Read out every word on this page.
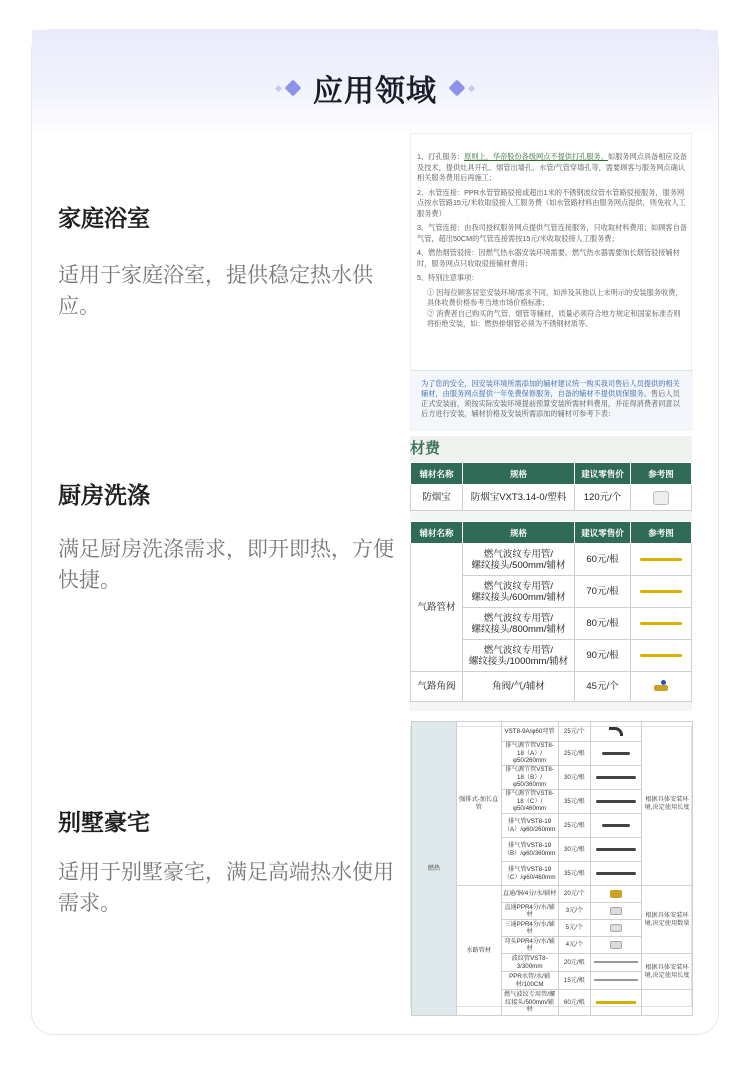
应用领域
家庭浴室
适用于家庭浴室，提供稳定热水供应。
厨房洗涤
满足厨房洗涤需求，即开即热，方便快捷。
别墅豪宅
适用于别墅豪宅，满足高端热水使用需求。
1、打孔服务：原则上，华帝股份各级网点不提供打孔服务。如服务网点具备相应设备及技术，提供灶具开孔、烟管出墙孔、水管/气管穿墙孔等，需要顾客与服务网点确认相关服务费用后再施工；
2、水管连接：PPR水管管路驳接或超出1米的不锈钢波纹管水管路驳接服务，服务网点按水管路15元/米收取驳接人工服务费（如水管路材料由服务网点提供，则免收人工服务费）
3、气管连接：由我司授权服务网点提供气管连接服务，只收取材料费用；如顾客自备气管，超出50CM的气管连接需按15元/米收取驳接人工服务费；
4、燃热烟管驳接：因燃气热水器安装环境需要，燃气热水器需要加长烟管驳接辅材时，服务网点只收取驳接辅材费用；
5、特别注意事项：
① 因每位顾客居室安装环境/需求不同，如涉及其他以上未明示的安装服务收费，具体收费价格参考当地市场价格标准；
② 消费者自己购买的气管、烟管等辅材，质量必须符合地方规定和国家标准否则将拒绝安装，如：燃热排烟管必须为不锈钢材质等。
为了您的安全，因安装环境所需添加的辅材建议统一购买我司售后人员提供的相关辅材，由服务网点提供一年免费保修服务，自备的辅材不提供质保服务。售后人员正式安装前，须按实际安装环境提前预算安装所需材料费用，并征得消费者同意以后方进行安装，辅材价格及安装所需添加的辅材可参考下表：
材费
辅材名称	规格	建议零售价	参考图
防烟宝	防烟宝VXT3.14-0/塑料	120元/个	
辅材名称	规格	建议零售价	参考图
气路管材	燃气波纹专用管/
螺纹接头/500mm/辅材	60元/根	
	燃气波纹专用管/
螺纹接头/600mm/辅材	70元/根	
	燃气波纹专用管/
螺纹接头/800mm/辅材	80元/根	
	燃气波纹专用管/
螺纹接头/1000mm/辅材	90元/根	
气路角阀	角阀/气/辅材	45元/个	
燃热	强排式-加长直管	VST8-9A/φ60弯管	25元/个		根据具体安装环境,决定使用长度
		排气调节管VST8-18（A）/φ50/260mm	25元/根		
		排气调节管VST8-18（B）/φ50/360mm	30元/根		
		排气调节管VST8-18（C）/φ50/460mm	35元/根		
		排气管VST8-19（A）/φ60/260mm	25元/根		
		排气管VST8-19（B）/φ60/360mm	30元/根		
		排气管VST8-19（C）/φ60/460mm	35元/根		
	水路管材	直通/铜/4分/水/辅材	20元/个		根据具体安装环境,决定使用数量
		直通PPR4分/水/辅材	3元/个		
		三通PPR4分/水/辅材	5元/个		
		弯头PPR4分/水/辅材	4元/个		
		波纹管VST8-3/300mm	20元/根		根据具体安装环境,决定使用长度
		PPR水管/水/辅材/100CM	15元/根		
		燃气波纹专用管/螺纹接头/500mm/辅材	60元/根		
